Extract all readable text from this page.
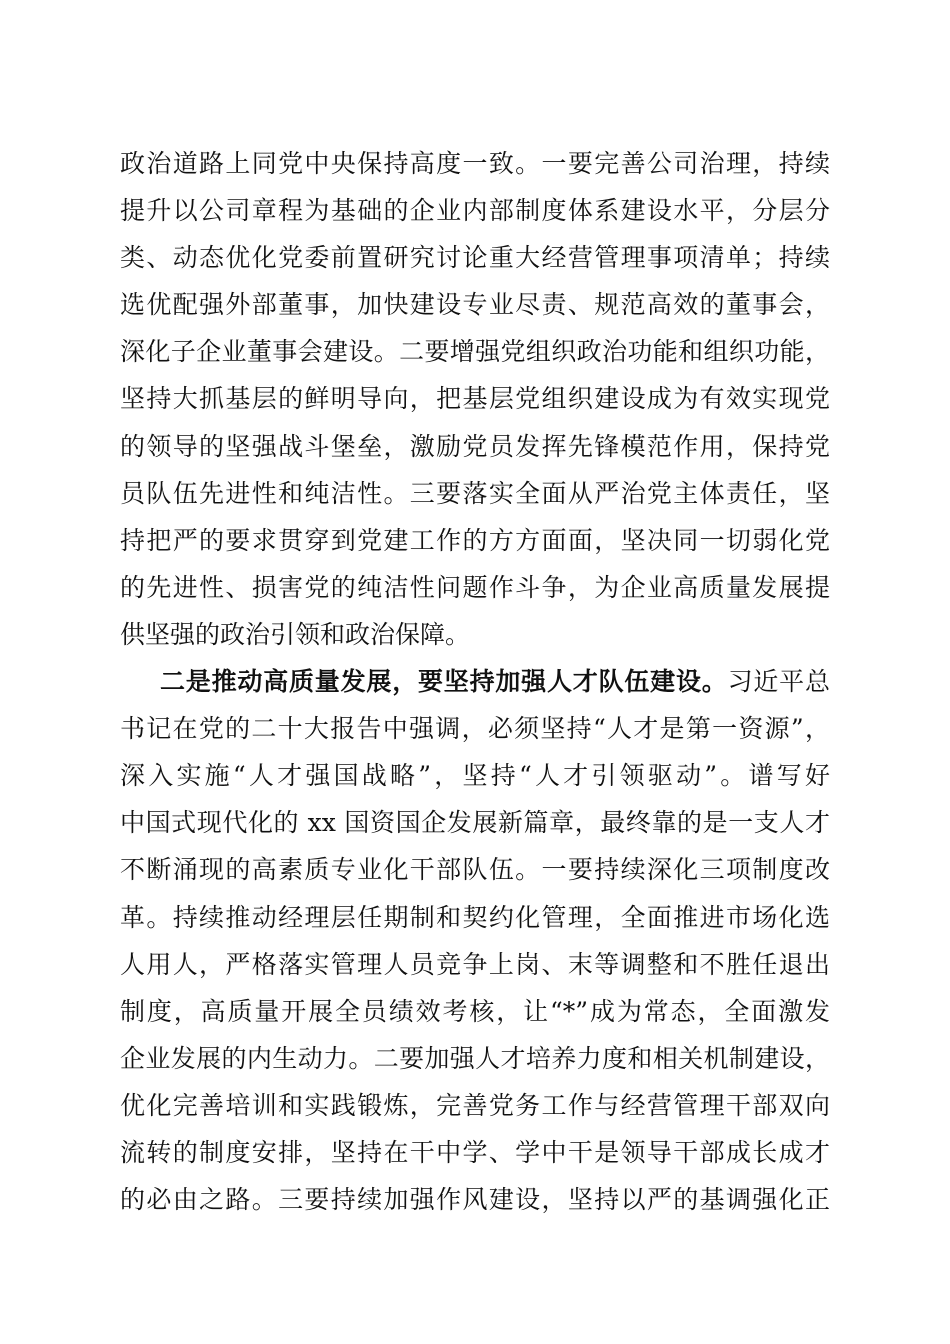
政治道路上同党中央保持高度一致。一要完善公司治理，持续
提升以公司章程为基础的企业内部制度体系建设水平，分层分
类、动态优化党委前置研究讨论重大经营管理事项清单；持续
选优配强外部董事，加快建设专业尽责、规范高效的董事会，
深化子企业董事会建设。二要增强党组织政治功能和组织功能，
坚持大抓基层的鲜明导向，把基层党组织建设成为有效实现党
的领导的坚强战斗堡垒，激励党员发挥先锋模范作用，保持党
员队伍先进性和纯洁性。三要落实全面从严治党主体责任，坚
持把严的要求贯穿到党建工作的方方面面，坚决同一切弱化党
的先进性、损害党的纯洁性问题作斗争，为企业高质量发展提
供坚强的政治引领和政治保障。
二是推动高质量发展，要坚持加强人才队伍建设。习近平总
书记在党的二十大报告中强调，必须坚持“人才是第一资源”，
深入实施“人才强国战略”，坚持“人才引领驱动”。谱写好
中国式现代化的 xx 国资国企发展新篇章，最终靠的是一支人才
不断涌现的高素质专业化干部队伍。一要持续深化三项制度改
革。持续推动经理层任期制和契约化管理，全面推进市场化选
人用人，严格落实管理人员竞争上岗、末等调整和不胜任退出
制度，高质量开展全员绩效考核，让“*”成为常态，全面激发
企业发展的内生动力。二要加强人才培养力度和相关机制建设，
优化完善培训和实践锻炼，完善党务工作与经营管理干部双向
流转的制度安排，坚持在干中学、学中干是领导干部成长成才
的必由之路。三要持续加强作风建设，坚持以严的基调强化正
